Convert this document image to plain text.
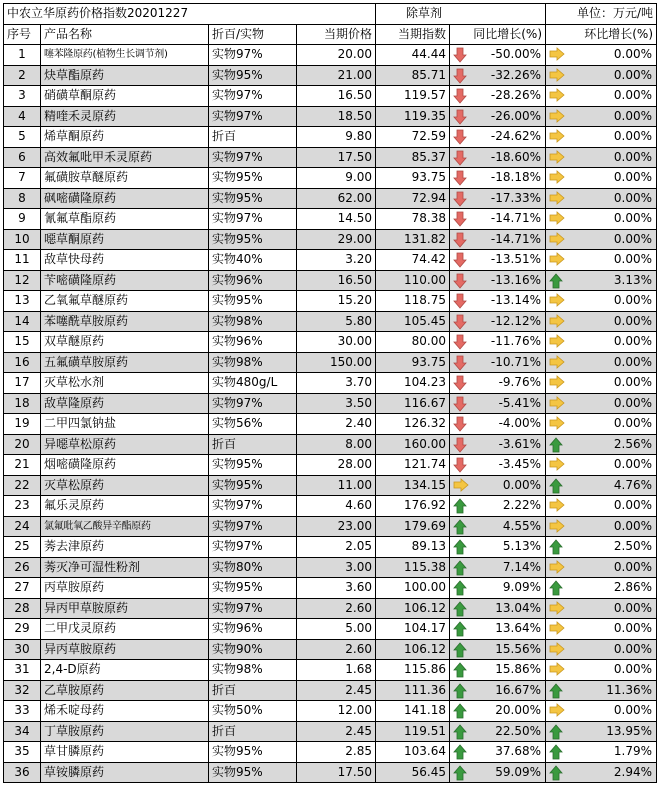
中农立华原药价格指数20201227				除草剂		单位：万元/吨
序号	产品名称	折百/实物	当期价格	当期指数	同比增长(%)	环比增长(%)
1	噻苯隆原药(植物生长调节剂)	实物97%	20.00	44.44	-50.00%	0.00%
2	炔草酯原药	实物95%	21.00	85.71	-32.26%	0.00%
3	硝磺草酮原药	实物97%	16.50	119.57	-28.26%	0.00%
4	精喹禾灵原药	实物97%	18.50	119.35	-26.00%	0.00%
5	烯草酮原药	折百	9.80	72.59	-24.62%	0.00%
6	高效氟吡甲禾灵原药	实物97%	17.50	85.37	-18.60%	0.00%
7	氟磺胺草醚原药	实物95%	9.00	93.75	-18.18%	0.00%
8	砜嘧磺隆原药	实物95%	62.00	72.94	-17.33%	0.00%
9	氰氟草酯原药	实物97%	14.50	78.38	-14.71%	0.00%
10	噁草酮原药	实物95%	29.00	131.82	-14.71%	0.00%
11	敌草快母药	实物40%	3.20	74.42	-13.51%	0.00%
12	苄嘧磺隆原药	实物96%	16.50	110.00	-13.16%	3.13%
13	乙氧氟草醚原药	实物95%	15.20	118.75	-13.14%	0.00%
14	苯噻酰草胺原药	实物98%	5.80	105.45	-12.12%	0.00%
15	双草醚原药	实物96%	30.00	80.00	-11.76%	0.00%
16	五氟磺草胺原药	实物98%	150.00	93.75	-10.71%	0.00%
17	灭草松水剂	实物480g/L	3.70	104.23	-9.76%	0.00%
18	敌草隆原药	实物97%	3.50	116.67	-5.41%	0.00%
19	二甲四氯钠盐	实物56%	2.40	126.32	-4.00%	0.00%
20	异噁草松原药	折百	8.00	160.00	-3.61%	2.56%
21	烟嘧磺隆原药	实物95%	28.00	121.74	-3.45%	0.00%
22	灭草松原药	实物95%	11.00	134.15	0.00%	4.76%
23	氟乐灵原药	实物97%	4.60	176.92	2.22%	0.00%
24	氯氟吡氧乙酸异辛酯原药	实物97%	23.00	179.69	4.55%	0.00%
25	莠去津原药	实物97%	2.05	89.13	5.13%	2.50%
26	莠灭净可湿性粉剂	实物80%	3.00	115.38	7.14%	0.00%
27	丙草胺原药	实物95%	3.60	100.00	9.09%	2.86%
28	异丙甲草胺原药	实物97%	2.60	106.12	13.04%	0.00%
29	二甲戊灵原药	实物96%	5.00	104.17	13.64%	0.00%
30	异丙草胺原药	实物90%	2.60	106.12	15.56%	0.00%
31	2,4-D原药	实物98%	1.68	115.86	15.86%	0.00%
32	乙草胺原药	折百	2.45	111.36	16.67%	11.36%
33	烯禾啶母药	实物50%	12.00	141.18	20.00%	0.00%
34	丁草胺原药	折百	2.45	119.51	22.50%	13.95%
35	草甘膦原药	实物95%	2.85	103.64	37.68%	1.79%
36	草铵膦原药	实物95%	17.50	56.45	59.09%	2.94%
